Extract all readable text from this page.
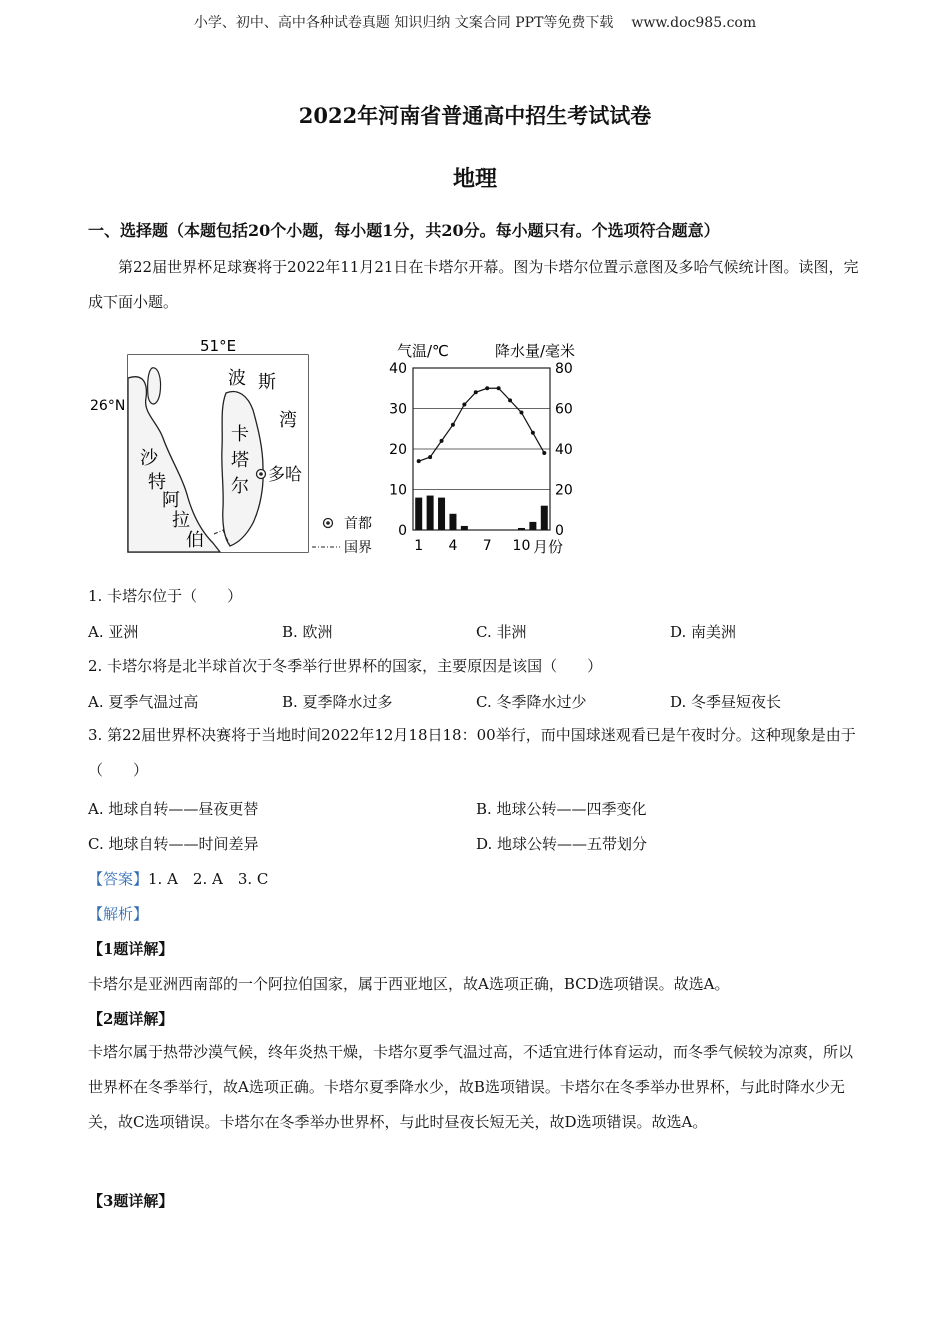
小学、初中、高中各种试卷真题 知识归纳 文案合同 PPT等免费下载 www.doc985.com
2022年河南省普通高中招生考试试卷
地理
一、选择题（本题包括20个小题，每小题1分，共20分。每小题只有。个选项符合题意）
第22届世界杯足球赛将于2022年11月21日在卡塔尔开幕。图为卡塔尔位置示意图及多哈气候统计图。读图，完成下面小题。
51°E
26°N
波 斯
湾
卡
塔
尔
沙
特
阿
拉
伯
多哈
首都
国界
气温/℃	降水量/毫米
月份
40
30
20
10
0
80
60
40
20
0
1 4 7 10
1. 卡塔尔位于（　　）
A. 亚洲	B. 欧洲	C. 非洲	D. 南美洲
2. 卡塔尔将是北半球首次于冬季举行世界杯的国家，主要原因是该国（　　）
A. 夏季气温过高	B. 夏季降水过多	C. 冬季降水过少	D. 冬季昼短夜长
3. 第22届世界杯决赛将于当地时间2022年12月18日18：00举行，而中国球迷观看已是午夜时分。这种现象是由于（　　）
A. 地球自转——昼夜更替	B. 地球公转——四季变化
C. 地球自转——时间差异	D. 地球公转——五带划分
【答案】1. A　2. A　3. C
【解析】
【1题详解】
卡塔尔是亚洲西南部的一个阿拉伯国家，属于西亚地区，故A选项正确，BCD选项错误。故选A。
【2题详解】
卡塔尔属于热带沙漠气候，终年炎热干燥，卡塔尔夏季气温过高，不适宜进行体育运动，而冬季气候较为凉爽，所以世界杯在冬季举行，故A选项正确。卡塔尔夏季降水少，故B选项错误。卡塔尔在冬季举办世界杯，与此时降水少无关，故C选项错误。卡塔尔在冬季举办世界杯，与此时昼夜长短无关，故D选项错误。故选A。
【3题详解】
